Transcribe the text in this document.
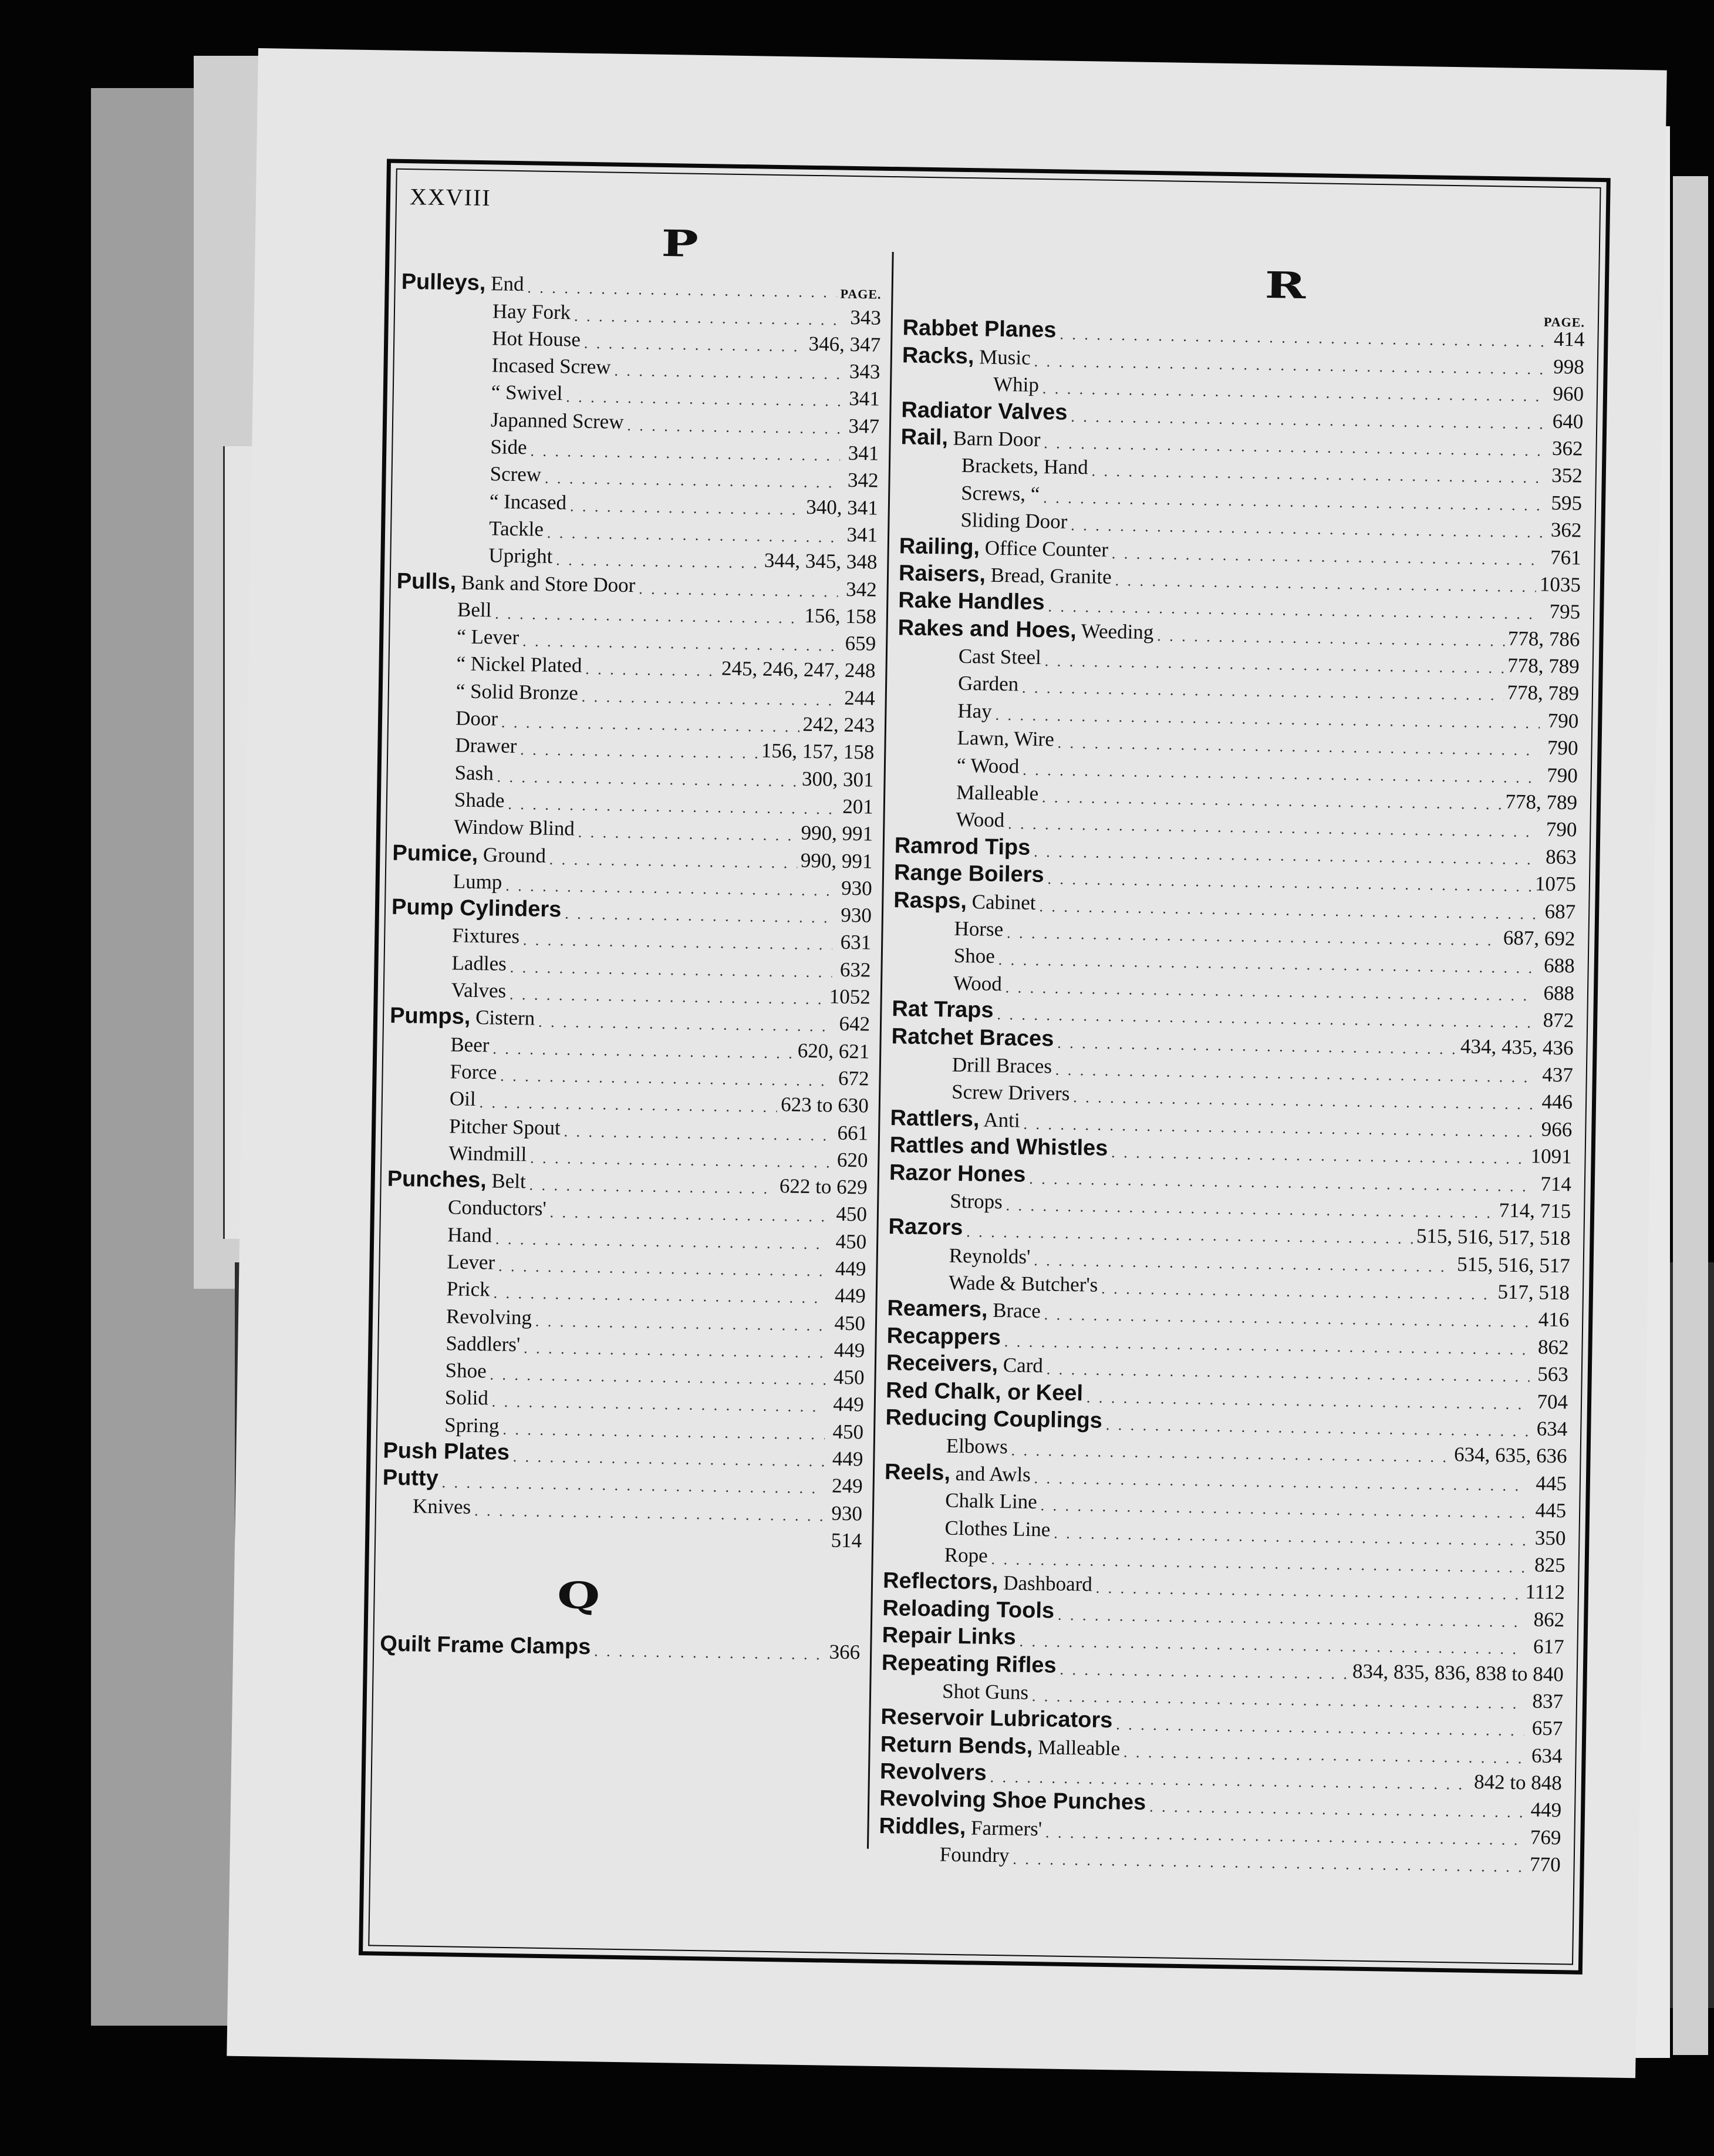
XXVIII
P
R
Q
Pulleys, End . . .	PAGE.
Hay Fork . . .	343
Hot House . . .	346, 347
Incased Screw . . .	343
“ Swivel . . .	341
Japanned Screw . . .	347
Side . . .	341
Screw . . .	342
“ Incased . . .	340, 341
Tackle . . .	341
Upright . . .	344, 345, 348
Pulls, Bank and Store Door . . .	342
Bell . . .	156, 158
“ Lever . . .	659
“ Nickel Plated . . .	245, 246, 247, 248
“ Solid Bronze . . .	244
Door . . .	242, 243
Drawer . . .	156, 157, 158
Sash . . .	300, 301
Shade . . .	201
Window Blind . . .	990, 991
Pumice, Ground . . .	990, 991
Lump . . .	930
Pump Cylinders . . .	930
Fixtures . . .	631
Ladles . . .	632
Valves . . .	1052
Pumps, Cistern . . .	642
Beer . . .	620, 621
Force . . .	672
Oil . . .	623 to 630
Pitcher Spout . . .	661
Windmill . . .	620
Punches, Belt . . .	622 to 629
Conductors' . . .	450
Hand . . .	450
Lever . . .	449
Prick . . .	449
Revolving . . .	450
Saddlers' . . .	449
Shoe . . .	450
Solid . . .	449
Spring . . .	450
Push Plates . . .	449
Putty . . .	249
Knives . . .	930
514
Quilt Frame Clamps . . .	366
PAGE.
Rabbet Planes . . .	414
Racks, Music . . .	998
Whip . . .	960
Radiator Valves . . .	640
Rail, Barn Door . . .	362
Brackets, Hand . . .	352
Screws, “ . . .	595
Sliding Door . . .	362
Railing, Office Counter . . .	761
Raisers, Bread, Granite . . .	1035
Rake Handles . . .	795
Rakes and Hoes, Weeding . . .	778, 786
Cast Steel . . .	778, 789
Garden . . .	778, 789
Hay . . .	790
Lawn, Wire . . .	790
“ Wood . . .	790
Malleable . . .	778, 789
Wood . . .	790
Ramrod Tips . . .	863
Range Boilers . . .	1075
Rasps, Cabinet . . .	687
Horse . . .	687, 692
Shoe . . .	688
Wood . . .	688
Rat Traps . . .	872
Ratchet Braces . . .	434, 435, 436
Drill Braces . . .	437
Screw Drivers . . .	446
Rattlers, Anti . . .	966
Rattles and Whistles . . .	1091
Razor Hones . . .	714
Strops . . .	714, 715
Razors . . .	515, 516, 517, 518
Reynolds' . . .	515, 516, 517
Wade & Butcher's . . .	517, 518
Reamers, Brace . . .	416
Recappers . . .	862
Receivers, Card . . .	563
Red Chalk, or Keel . . .	704
Reducing Couplings . . .	634
Elbows . . .	634, 635, 636
Reels, and Awls . . .	445
Chalk Line . . .	445
Clothes Line . . .	350
Rope . . .	825
Reflectors, Dashboard . . .	1112
Reloading Tools . . .	862
Repair Links . . .	617
Repeating Rifles . . .	834, 835, 836, 838 to 840
Shot Guns . . .	837
Reservoir Lubricators . . .	657
Return Bends, Malleable . . .	634
Revolvers . . .	842 to 848
Revolving Shoe Punches . . .	449
Riddles, Farmers' . . .	769
Foundry . . .	770
